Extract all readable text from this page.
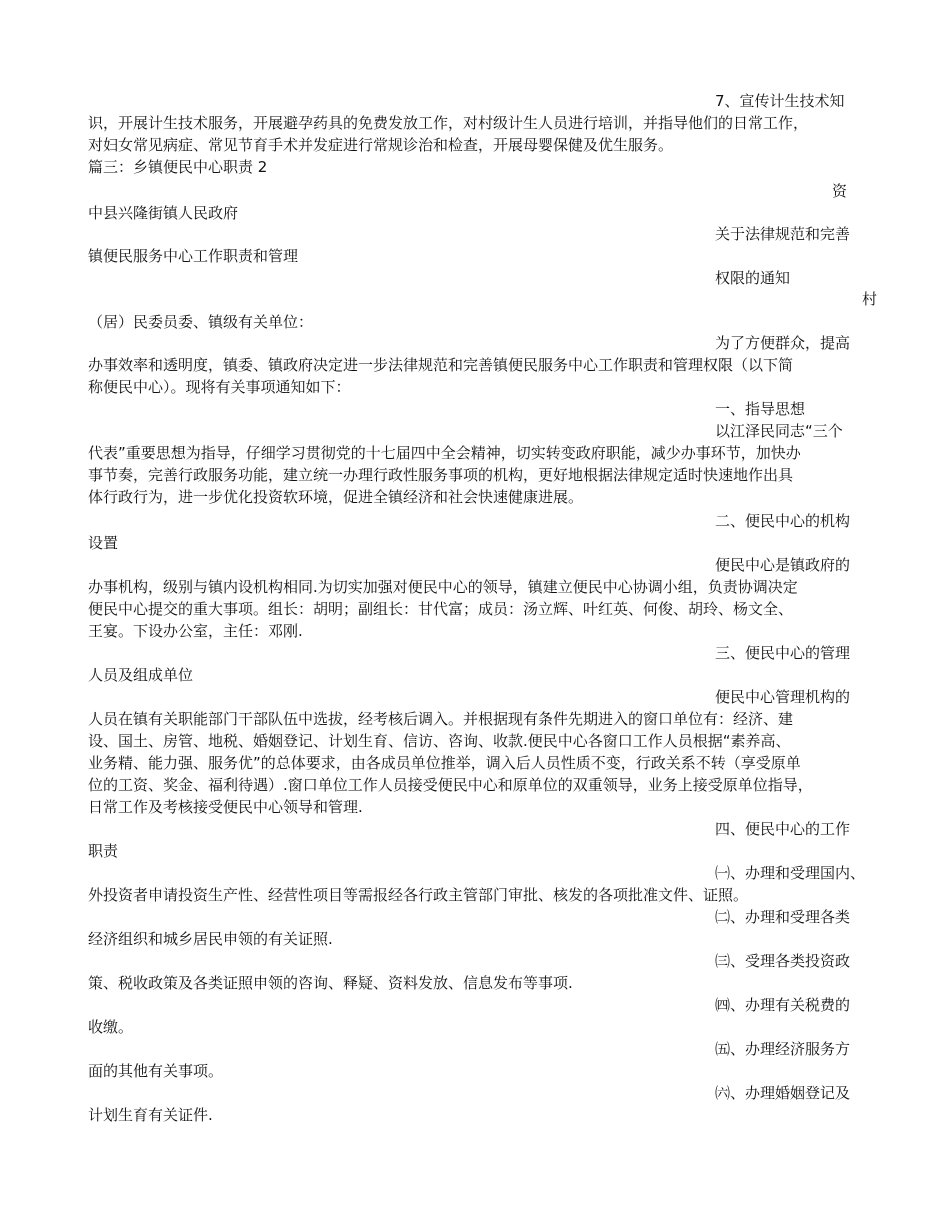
7、宣传计生技术知
识，开展计生技术服务，开展避孕药具的免费发放工作，对村级计生人员进行培训，并指导他们的日常工作，
对妇女常见病症、常见节育手术并发症进行常规诊治和检查，开展母婴保健及优生服务。
篇三：乡镇便民中心职责 2
资
中县兴隆街镇人民政府
关于法律规范和完善
镇便民服务中心工作职责和管理
权限的通知
村
（居）民委员委、镇级有关单位：
为了方便群众，提高
办事效率和透明度，镇委、镇政府决定进一步法律规范和完善镇便民服务中心工作职责和管理权限（以下简
称便民中心）。现将有关事项通知如下：
一、指导思想
以江泽民同志“三个
代表”重要思想为指导，仔细学习贯彻党的十七届四中全会精神，切实转变政府职能，减少办事环节，加快办
事节奏，完善行政服务功能，建立统一办理行政性服务事项的机构，更好地根据法律规定适时快速地作出具
体行政行为，进一步优化投资软环境，促进全镇经济和社会快速健康进展。
二、便民中心的机构
设置
便民中心是镇政府的
办事机构，级别与镇内设机构相同.为切实加强对便民中心的领导，镇建立便民中心协调小组，负责协调决定
便民中心提交的重大事项。组长：胡明；副组长：甘代富；成员：汤立辉、叶红英、何俊、胡玲、杨文全、
王宴。下设办公室，主任：邓刚.
三、便民中心的管理
人员及组成单位
便民中心管理机构的
人员在镇有关职能部门干部队伍中选拔，经考核后调入。并根据现有条件先期进入的窗口单位有：经济、建
设、国土、房管、地税、婚姻登记、计划生育、信访、咨询、收款.便民中心各窗口工作人员根据“素养高、
业务精、能力强、服务优”的总体要求，由各成员单位推举，调入后人员性质不变，行政关系不转（享受原单
位的工资、奖金、福利待遇）.窗口单位工作人员接受便民中心和原单位的双重领导，业务上接受原单位指导，
日常工作及考核接受便民中心领导和管理.
四、便民中心的工作
职责
㈠、办理和受理国内、
外投资者申请投资生产性、经营性项目等需报经各行政主管部门审批、核发的各项批准文件、证照。
㈡、办理和受理各类
经济组织和城乡居民申领的有关证照.
㈢、受理各类投资政
策、税收政策及各类证照申领的咨询、释疑、资料发放、信息发布等事项.
㈣、办理有关税费的
收缴。
㈤、办理经济服务方
面的其他有关事项。
㈥、办理婚姻登记及
计划生育有关证件.
